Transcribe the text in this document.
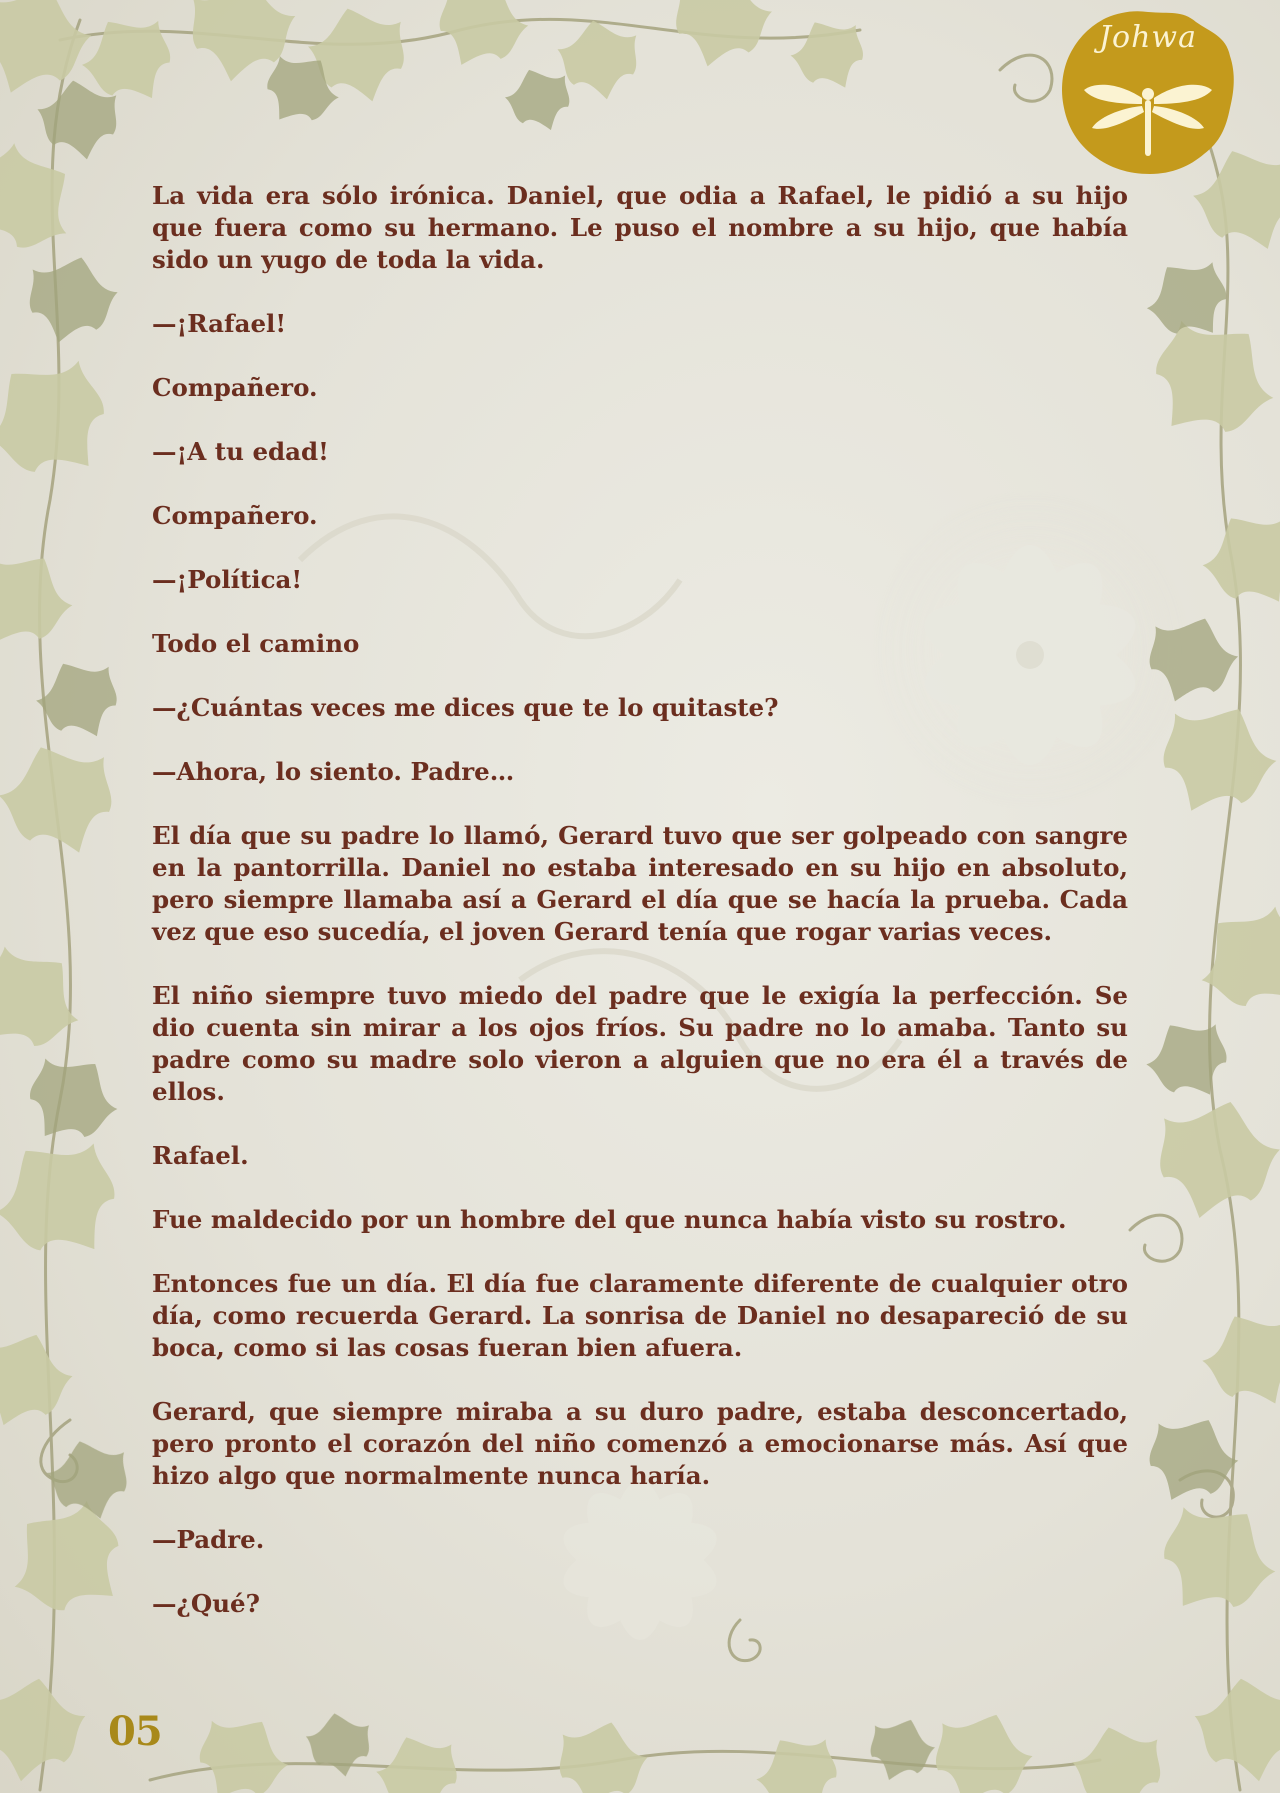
Johwa

La vida era sólo irónica. Daniel, que odia a Rafael, le pidió a su hijo que fuera como su hermano. Le puso el nombre a su hijo, que había sido un yugo de toda la vida.

—¡Rafael!

Compañero.

—¡A tu edad!

Compañero.

—¡Política!

Todo el camino

—¿Cuántas veces me dices que te lo quitaste?

—Ahora, lo siento. Padre…

El día que su padre lo llamó, Gerard tuvo que ser golpeado con sangre en la pantorrilla. Daniel no estaba interesado en su hijo en absoluto, pero siempre llamaba así a Gerard el día que se hacía la prueba. Cada vez que eso sucedía, el joven Gerard tenía que rogar varias veces.

El niño siempre tuvo miedo del padre que le exigía la perfección. Se dio cuenta sin mirar a los ojos fríos. Su padre no lo amaba. Tanto su padre como su madre solo vieron a alguien que no era él a través de ellos.

Rafael.

Fue maldecido por un hombre del que nunca había visto su rostro.

Entonces fue un día. El día fue claramente diferente de cualquier otro día, como recuerda Gerard. La sonrisa de Daniel no desapareció de su boca, como si las cosas fueran bien afuera.

Gerard, que siempre miraba a su duro padre, estaba desconcertado, pero pronto el corazón del niño comenzó a emocionarse más. Así que hizo algo que normalmente nunca haría.

—Padre.

—¿Qué?

05
